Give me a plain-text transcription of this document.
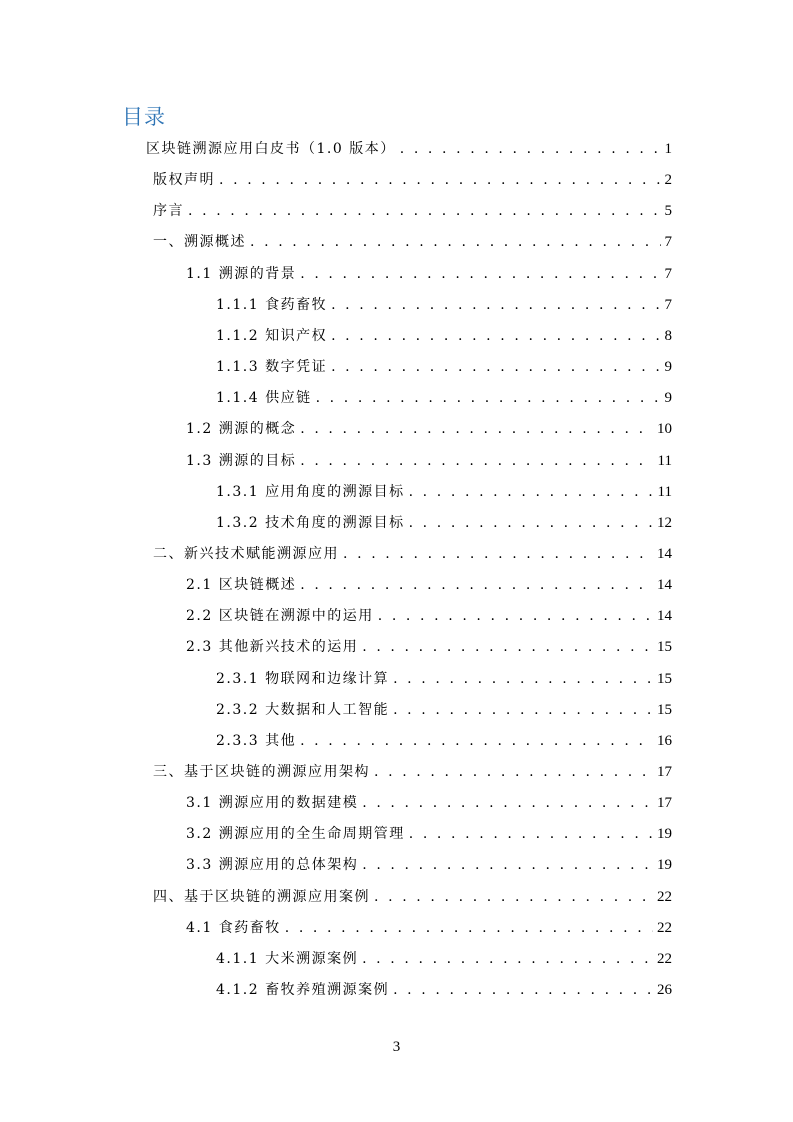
目录
区块链溯源应用白皮书（1.0 版本） . . .	1
版权声明 . . .	2
序言 . . .	5
一、溯源概述 . . .	7
1.1 溯源的背景 . . .	7
1.1.1 食药畜牧 . . .	7
1.1.2 知识产权 . . .	8
1.1.3 数字凭证 . . .	9
1.1.4 供应链 . . .	9
1.2 溯源的概念 . . .	10
1.3 溯源的目标 . . .	11
1.3.1 应用角度的溯源目标 . . .	11
1.3.2 技术角度的溯源目标 . . .	12
二、新兴技术赋能溯源应用 . . .	14
2.1 区块链概述 . . .	14
2.2 区块链在溯源中的运用 . . .	14
2.3 其他新兴技术的运用 . . .	15
2.3.1 物联网和边缘计算 . . .	15
2.3.2 大数据和人工智能 . . .	15
2.3.3 其他 . . .	16
三、基于区块链的溯源应用架构 . . .	17
3.1 溯源应用的数据建模 . . .	17
3.2 溯源应用的全生命周期管理 . . .	19
3.3 溯源应用的总体架构 . . .	19
四、基于区块链的溯源应用案例 . . .	22
4.1 食药畜牧 . . .	22
4.1.1 大米溯源案例 . . .	22
4.1.2 畜牧养殖溯源案例 . . .	26
3
